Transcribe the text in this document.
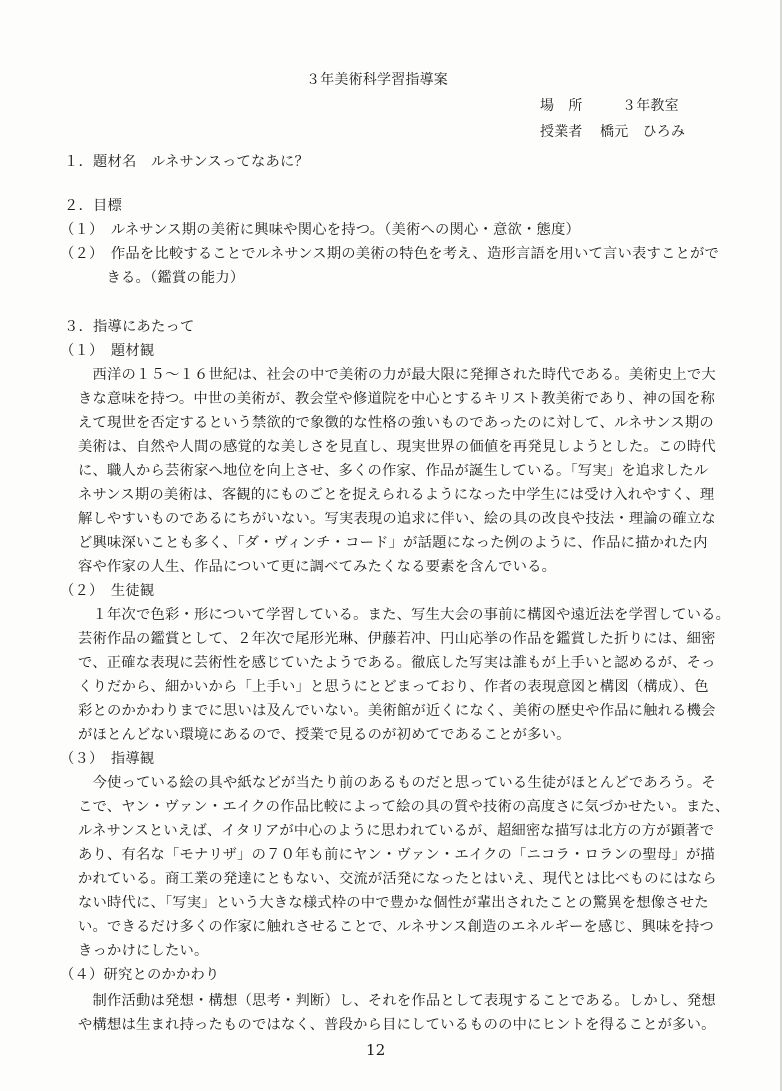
３年美術科学習指導案
場　所	３年教室
授業者 橋元　ひろみ
１．題材名　ルネサンスってなあに？
２．目標
（１）　ルネサンス期の美術に興味や関心を持つ。（美術への関心・意欲・態度）
（２）　作品を比較することでルネサンス期の美術の特色を考え、造形言語を用いて言い表すことがで
　きる。（鑑賞の能力）
３．指導にあたって
（１）　題材観
　西洋の１５～１６世紀は、社会の中で美術の力が最大限に発揮された時代である。美術史上で大
きな意味を持つ。中世の美術が、教会堂や修道院を中心とするキリスト教美術であり、神の国を称
えて現世を否定するという禁欲的で象徴的な性格の強いものであったのに対して、ルネサンス期の
美術は、自然や人間の感覚的な美しさを見直し、現実世界の価値を再発見しようとした。この時代
に、職人から芸術家へ地位を向上させ、多くの作家、作品が誕生している。「写実」を追求したル
ネサンス期の美術は、客観的にものごとを捉えられるようになった中学生には受け入れやすく、理
解しやすいものであるにちがいない。写実表現の追求に伴い、絵の具の改良や技法・理論の確立な
ど興味深いことも多く、「ダ・ヴィンチ・コード」が話題になった例のように、作品に描かれた内
容や作家の人生、作品について更に調べてみたくなる要素を含んでいる。
（２）　生徒観
　１年次で色彩・形について学習している。また、写生大会の事前に構図や遠近法を学習している。
芸術作品の鑑賞として、２年次で尾形光琳、伊藤若冲、円山応挙の作品を鑑賞した折りには、細密
で、正確な表現に芸術性を感じていたようである。徹底した写実は誰もが上手いと認めるが、そっ
くりだから、細かいから「上手い」と思うにとどまっており、作者の表現意図と構図（構成）、色
彩とのかかわりまでに思いは及んでいない。美術館が近くになく、美術の歴史や作品に触れる機会
がほとんどない環境にあるので、授業で見るのが初めてであることが多い。
（３）　指導観
　今使っている絵の具や紙などが当たり前のあるものだと思っている生徒がほとんどであろう。そ
こで、ヤン・ヴァン・エイクの作品比較によって絵の具の質や技術の高度さに気づかせたい。また、
ルネサンスといえば、イタリアが中心のように思われているが、超細密な描写は北方の方が顕著で
あり、有名な「モナリザ」の７０年も前にヤン・ヴァン・エイクの「ニコラ・ロランの聖母」が描
かれている。商工業の発達にともない、交流が活発になったとはいえ、現代とは比べものにはなら
ない時代に、「写実」という大きな様式枠の中で豊かな個性が輩出されたことの驚異を想像させた
い。できるだけ多くの作家に触れさせることで、ルネサンス創造のエネルギーを感じ、興味を持つ
きっかけにしたい。
（４）研究とのかかわり
　制作活動は発想・構想（思考・判断）し、それを作品として表現することである。しかし、発想
や構想は生まれ持ったものではなく、普段から目にしているものの中にヒントを得ることが多い。
12
